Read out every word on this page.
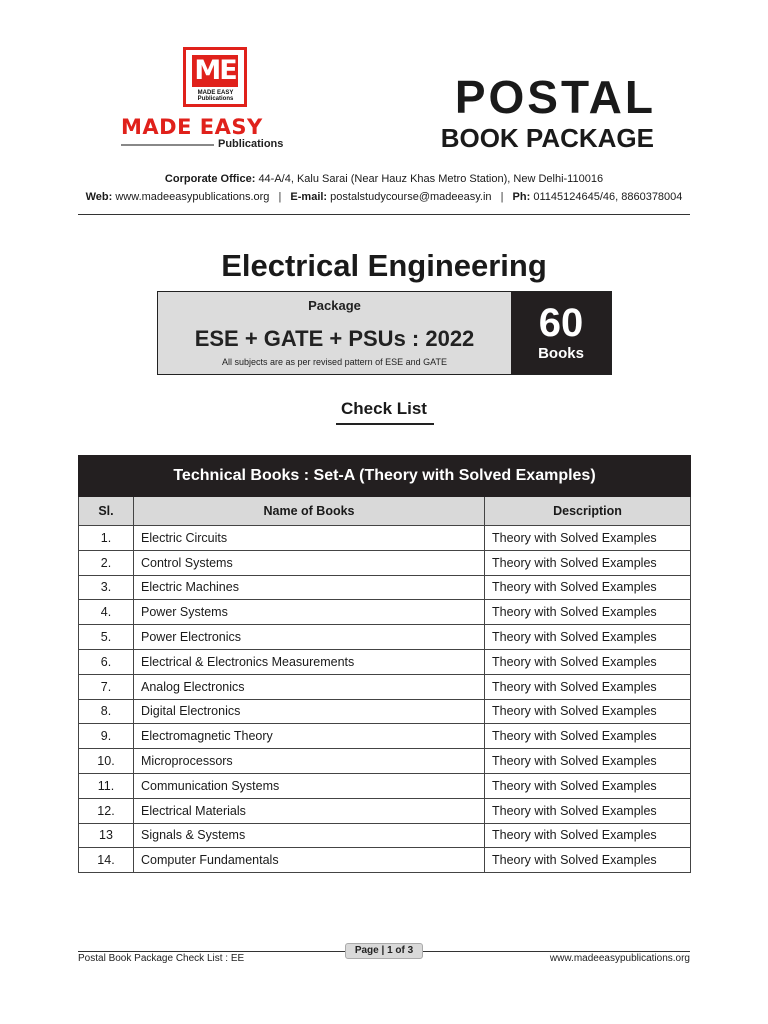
ME
MADE EASY Publications
MADE EASY
Publications
POSTAL
BOOK PACKAGE
Corporate Office: 44-A/4, Kalu Sarai (Near Hauz Khas Metro Station), New Delhi-110016
Web: www.madeeasypublications.org | E-mail: postalstudycourse@madeeasy.in | Ph: 01145124645/46, 8860378004
Electrical Engineering
Package
ESE + GATE + PSUs : 2022
All subjects are as per revised pattern of ESE and GATE
60
Books
Check List
Technical Books : Set-A (Theory with Solved Examples)		
Sl.	Name of Books	Description
1.	Electric Circuits	Theory with Solved Examples
2.	Control Systems	Theory with Solved Examples
3.	Electric Machines	Theory with Solved Examples
4.	Power Systems	Theory with Solved Examples
5.	Power Electronics	Theory with Solved Examples
6.	Electrical & Electronics Measurements	Theory with Solved Examples
7.	Analog Electronics	Theory with Solved Examples
8.	Digital Electronics	Theory with Solved Examples
9.	Electromagnetic Theory	Theory with Solved Examples
10.	Microprocessors	Theory with Solved Examples
11.	Communication Systems	Theory with Solved Examples
12.	Electrical Materials	Theory with Solved Examples
13	Signals & Systems	Theory with Solved Examples
14.	Computer Fundamentals	Theory with Solved Examples
Postal Book Package Check List : EE
Page | 1 of 3
www.madeeasypublications.org
